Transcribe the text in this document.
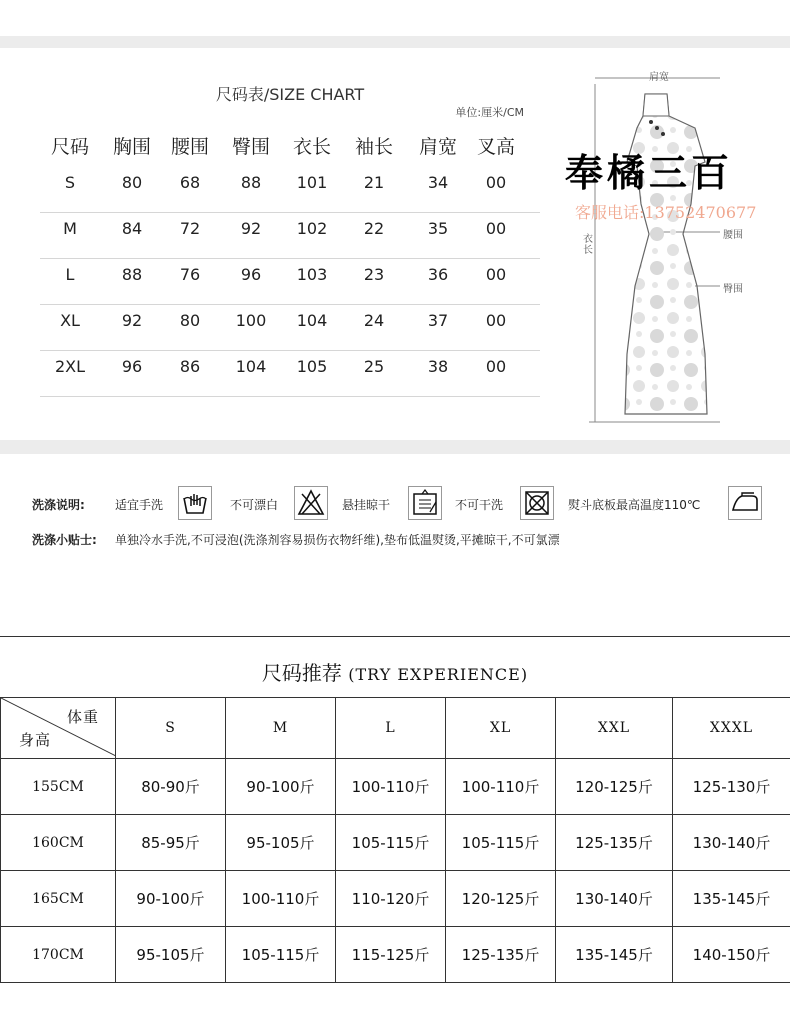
尺码表/SIZE CHART
单位:厘米/CM
尺码	胸围	腰围	臀围	衣长	袖长	肩宽	叉高
S	80	68	88	101	21	34	00
M	84	72	92	102	22	35	00
L	88	76	96	103	23	36	00
XL	92	80	100	104	24	37	00
2XL	96	86	104	105	25	38	00
肩宽
腰围
衣长
臀围
奉橘三百
客服电话:13752470677
洗涤说明:	适宜手洗	不可漂白	悬挂晾干	不可干洗	熨斗底板最高温度110℃
洗涤小贴士: 单独冷水手洗,不可浸泡(洗涤剂容易损伤衣物纤维),垫布低温熨烫,平摊晾干,不可氯漂
尺码推荐 (TRY EXPERIENCE)
体重
身高	S	M	L	XL	XXL	XXXL
155CM	80-90斤	90-100斤	100-110斤	100-110斤	120-125斤	125-130斤
160CM	85-95斤	95-105斤	105-115斤	105-115斤	125-135斤	130-140斤
165CM	90-100斤	100-110斤	110-120斤	120-125斤	130-140斤	135-145斤
170CM	95-105斤	105-115斤	115-125斤	125-135斤	135-145斤	140-150斤
